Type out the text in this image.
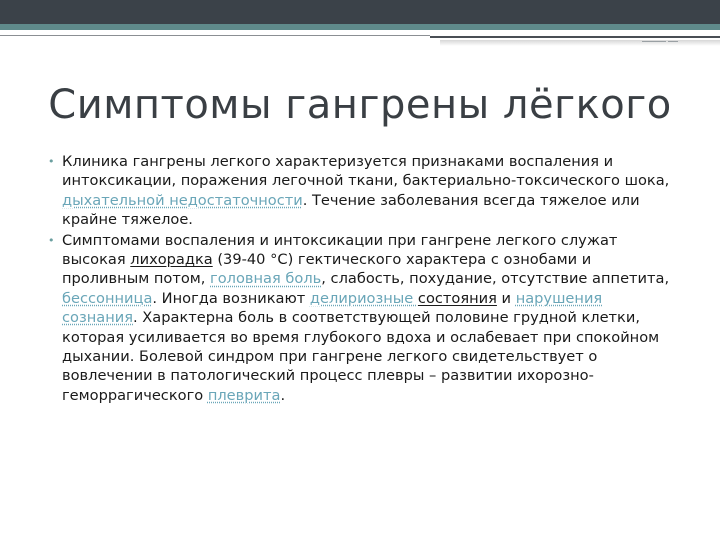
Симптомы гангрены лёгкого

• Клиника гангрены легкого характеризуется признаками воспаления и интоксикации, поражения легочной ткани, бактериально-токсического шока, дыхательной недостаточности. Течение заболевания всегда тяжелое или крайне тяжелое.

• Симптомами воспаления и интоксикации при гангрене легкого служат высокая лихорадка (39-40 °С) гектического характера с ознобами и проливным потом, головная боль, слабость, похудание, отсутствие аппетита, бессонница. Иногда возникают делириозные состояния и нарушения сознания. Характерна боль в соответствующей половине грудной клетки, которая усиливается во время глубокого вдоха и ослабевает при спокойном дыхании. Болевой синдром при гангрене легкого свидетельствует о вовлечении в патологический процесс плевры – развитии ихорозно-геморрагического плеврита.
